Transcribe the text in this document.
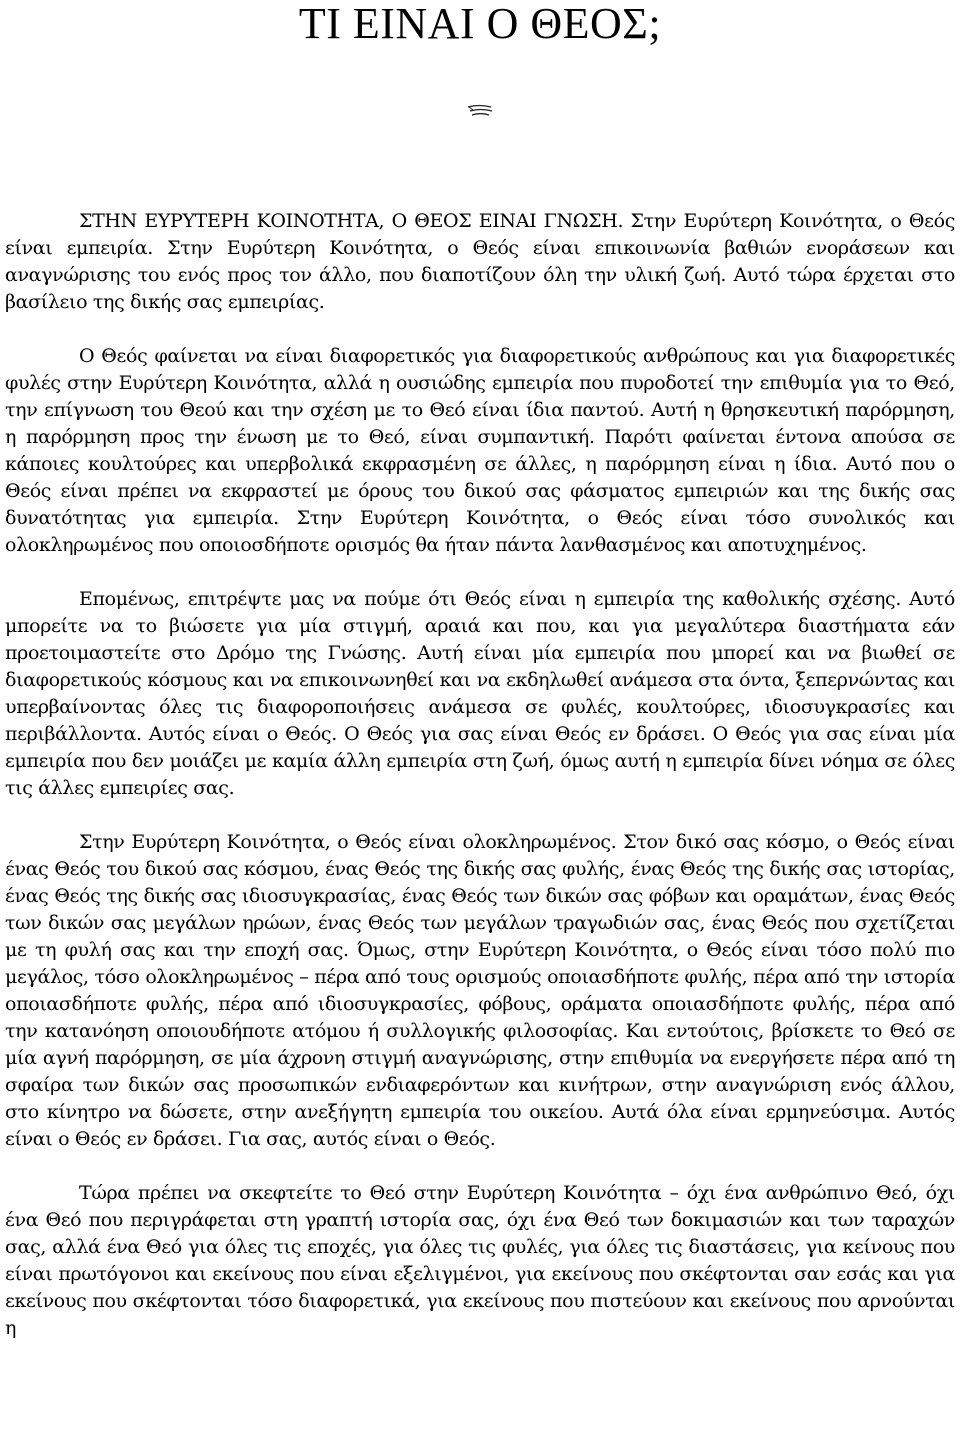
ΤΙ ΕΙΝΑΙ Ο ΘΕΟΣ;

ΣΤΗΝ ΕΥΡΥΤΕΡΗ ΚΟΙΝΟΤΗΤΑ, Ο ΘΕΟΣ ΕΙΝΑΙ ΓΝΩΣΗ. Στην Ευρύτερη Κοινότητα, ο Θεός είναι εμπειρία. Στην Ευρύτερη Κοινότητα, ο Θεός είναι επικοινωνία βαθιών ενοράσεων και αναγνώρισης του ενός προς τον άλλο, που διαποτίζουν όλη την υλική ζωή. Αυτό τώρα έρχεται στο βασίλειο της δικής σας εμπειρίας.

Ο Θεός φαίνεται να είναι διαφορετικός για διαφορετικούς ανθρώπους και για διαφορετικές φυλές στην Ευρύτερη Κοινότητα, αλλά η ουσιώδης εμπειρία που πυροδοτεί την επιθυμία για το Θεό, την επίγνωση του Θεού και την σχέση με το Θεό είναι ίδια παντού. Αυτή η θρησκευτική παρόρμηση, η παρόρμηση προς την ένωση με το Θεό, είναι συμπαντική. Παρότι φαίνεται έντονα απούσα σε κάποιες κουλτούρες και υπερβολικά εκφρασμένη σε άλλες, η παρόρμηση είναι η ίδια. Αυτό που ο Θεός είναι πρέπει να εκφραστεί με όρους του δικού σας φάσματος εμπειριών και της δικής σας δυνατότητας για εμπειρία. Στην Ευρύτερη Κοινότητα, ο Θεός είναι τόσο συνολικός και ολοκληρωμένος που οποιοσδήποτε ορισμός θα ήταν πάντα λανθασμένος και αποτυχημένος.

Επομένως, επιτρέψτε μας να πούμε ότι Θεός είναι η εμπειρία της καθολικής σχέσης. Αυτό μπορείτε να το βιώσετε για μία στιγμή, αραιά και που, και για μεγαλύτερα διαστήματα εάν προετοιμαστείτε στο Δρόμο της Γνώσης. Αυτή είναι μία εμπειρία που μπορεί και να βιωθεί σε διαφορετικούς κόσμους και να επικοινωνηθεί και να εκδηλωθεί ανάμεσα στα όντα, ξεπερνώντας και υπερβαίνοντας όλες τις διαφοροποιήσεις ανάμεσα σε φυλές, κουλτούρες, ιδιοσυγκρασίες και περιβάλλοντα. Αυτός είναι ο Θεός. Ο Θεός για σας είναι Θεός εν δράσει. Ο Θεός για σας είναι μία εμπειρία που δεν μοιάζει με καμία άλλη εμπειρία στη ζωή, όμως αυτή η εμπειρία δίνει νόημα σε όλες τις άλλες εμπειρίες σας.

Στην Ευρύτερη Κοινότητα, ο Θεός είναι ολοκληρωμένος. Στον δικό σας κόσμο, ο Θεός είναι ένας Θεός του δικού σας κόσμου, ένας Θεός της δικής σας φυλής, ένας Θεός της δικής σας ιστορίας, ένας Θεός της δικής σας ιδιοσυγκρασίας, ένας Θεός των δικών σας φόβων και οραμάτων, ένας Θεός των δικών σας μεγάλων ηρώων, ένας Θεός των μεγάλων τραγωδιών σας, ένας Θεός που σχετίζεται με τη φυλή σας και την εποχή σας. Όμως, στην Ευρύτερη Κοινότητα, ο Θεός είναι τόσο πολύ πιο μεγάλος, τόσο ολοκληρωμένος – πέρα από τους ορισμούς οποιασδήποτε φυλής, πέρα από την ιστορία οποιασδήποτε φυλής, πέρα από ιδιοσυγκρασίες, φόβους, οράματα οποιασδήποτε φυλής, πέρα από την κατανόηση οποιουδήποτε ατόμου ή συλλογικής φιλοσοφίας. Και εντούτοις, βρίσκετε το Θεό σε μία αγνή παρόρμηση, σε μία άχρονη στιγμή αναγνώρισης, στην επιθυμία να ενεργήσετε πέρα από τη σφαίρα των δικών σας προσωπικών ενδιαφερόντων και κινήτρων, στην αναγνώριση ενός άλλου, στο κίνητρο να δώσετε, στην ανεξήγητη εμπειρία του οικείου. Αυτά όλα είναι ερμηνεύσιμα. Αυτός είναι ο Θεός εν δράσει. Για σας, αυτός είναι ο Θεός.

Τώρα πρέπει να σκεφτείτε το Θεό στην Ευρύτερη Κοινότητα – όχι ένα ανθρώπινο Θεό, όχι ένα Θεό που περιγράφεται στη γραπτή ιστορία σας, όχι ένα Θεό των δοκιμασιών και των ταραχών σας, αλλά ένα Θεό για όλες τις εποχές, για όλες τις φυλές, για όλες τις διαστάσεις, για κείνους που είναι πρωτόγονοι και εκείνους που είναι εξελιγμένοι, για εκείνους που σκέφτονται σαν εσάς και για εκείνους που σκέφτονται τόσο διαφορετικά, για εκείνους που πιστεύουν και εκείνους που αρνούνται η
